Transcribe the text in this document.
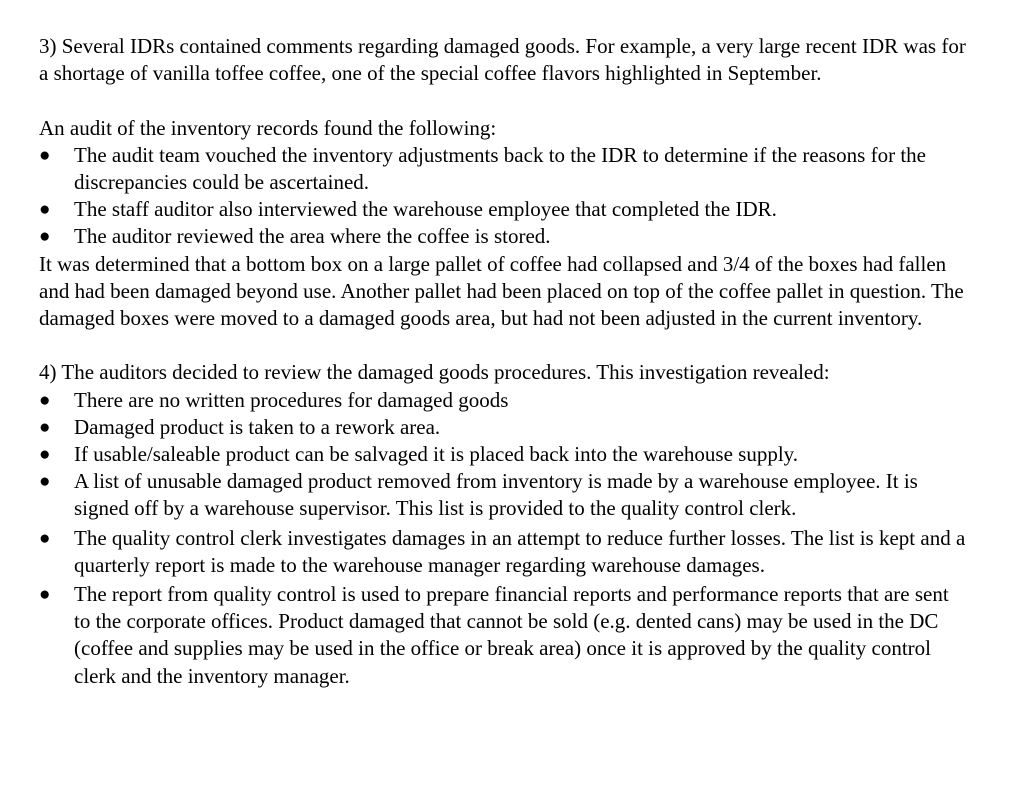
3) Several IDRs contained comments regarding damaged goods. For example, a very large recent IDR was for a shortage of vanilla toffee coffee, one of the special coffee flavors highlighted in September.

An audit of the inventory records found the following:

● The audit team vouched the inventory adjustments back to the IDR to determine if the reasons for the discrepancies could be ascertained.
● The staff auditor also interviewed the warehouse employee that completed the IDR.
● The auditor reviewed the area where the coffee is stored.

It was determined that a bottom box on a large pallet of coffee had collapsed and 3/4 of the boxes had fallen and had been damaged beyond use. Another pallet had been placed on top of the coffee pallet in question. The damaged boxes were moved to a damaged goods area, but had not been adjusted in the current inventory.

4) The auditors decided to review the damaged goods procedures. This investigation revealed:

● There are no written procedures for damaged goods
● Damaged product is taken to a rework area.
● If usable/saleable product can be salvaged it is placed back into the warehouse supply.
● A list of unusable damaged product removed from inventory is made by a warehouse employee. It is signed off by a warehouse supervisor. This list is provided to the quality control clerk.
● The quality control clerk investigates damages in an attempt to reduce further losses. The list is kept and a quarterly report is made to the warehouse manager regarding warehouse damages.
● The report from quality control is used to prepare financial reports and performance reports that are sent to the corporate offices. Product damaged that cannot be sold (e.g. dented cans) may be used in the DC (coffee and supplies may be used in the office or break area) once it is approved by the quality control clerk and the inventory manager.
